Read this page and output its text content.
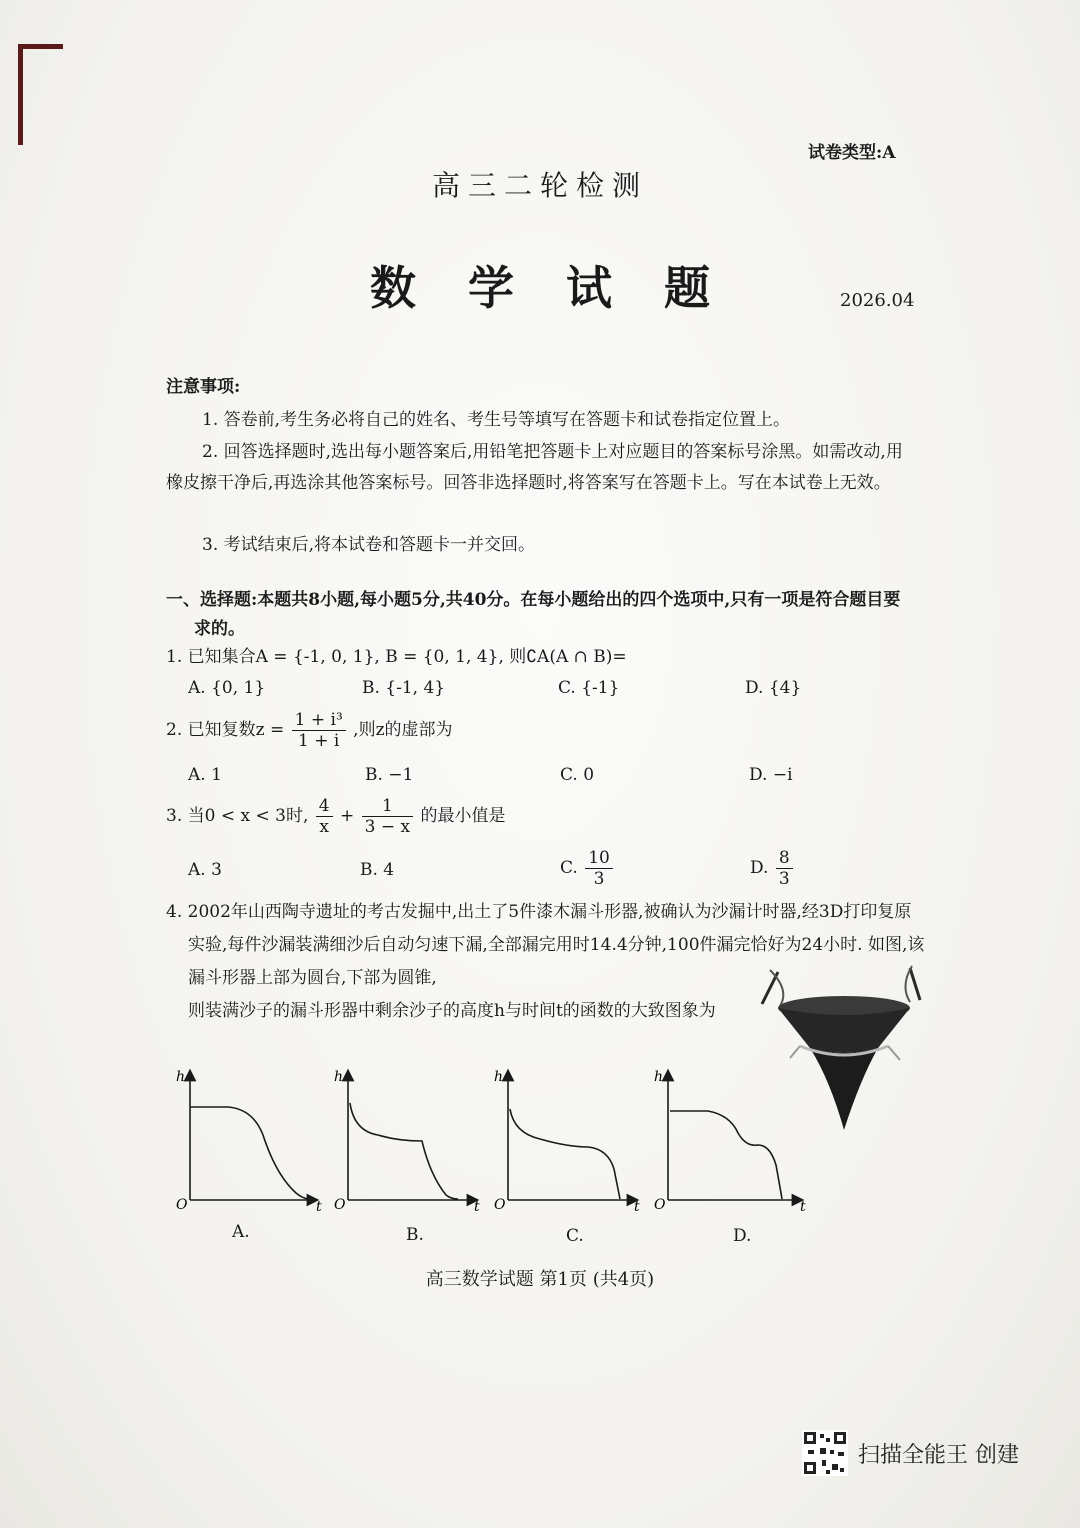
试卷类型:A
高三二轮检测
数学试题	2026.04
注意事项:
1. 答卷前,考生务必将自己的姓名、考生号等填写在答题卡和试卷指定位置上。
2. 回答选择题时,选出每小题答案后,用铅笔把答题卡上对应题目的答案标号涂黑。如需改动,用橡皮擦干净后,再选涂其他答案标号。回答非选择题时,将答案写在答题卡上。写在本试卷上无效。
3. 考试结束后,将本试卷和答题卡一并交回。
一、选择题:本题共8小题,每小题5分,共40分。在每小题给出的四个选项中,只有一项是符合题目要求的。
1. 已知集合A = {-1, 0, 1}, B = {0, 1, 4}, 则∁A(A ∩ B)=
A. {0, 1}	B. {-1, 4}	C. {-1}	D. {4}
2. 已知复数$z = \frac{\text{1 + i³}}{1 + i}$ ,则z的虚部为
A. 1	B. −1	C. 0	D. −i
3. 当0 < x < 3时, $\frac{4}{x} + \frac{1}{3 - x}$ 的最小值是
A. 3	B. 4	C. $\frac{10}{3}$	D. $\frac{8}{3}$
4. 2002年山西陶寺遗址的考古发掘中,出土了5件漆木漏斗形器,被确认为沙漏计时器,经3D打印复原实验,每件沙漏装满细沙后自动匀速下漏,全部漏完用时14.4分钟,100件漏完恰好为24小时. 如图,该漏斗形器上部为圆台,下部为圆锥,
则装满沙子的漏斗形器中剩余沙子的高度h与时间t的函数的大致图象为
h
t
O
h
t
O
h
t
O
h
t
O
A.	B.	C.	D.
高三数学试题 第1页 (共4页)
扫描全能王 创建
